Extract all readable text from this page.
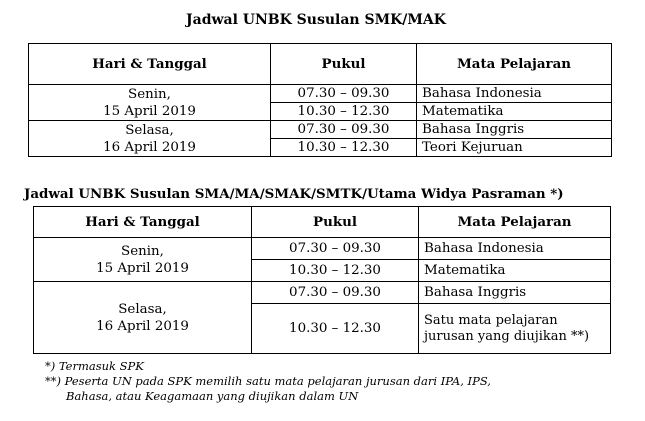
Jadwal UNBK Susulan SMK/MAK
Hari & Tanggal	Pukul	Mata Pelajaran

Senin,
15 April 2019	07.30 – 09.30	Bahasa Indonesia
	10.30 – 12.30	Matematika

Selasa,
16 April 2019	07.30 – 09.30	Bahasa Inggris
	10.30 – 12.30	Teori Kejuruan
Jadwal UNBK Susulan SMA/MA/SMAK/SMTK/Utama Widya Pasraman *)
Hari & Tanggal	Pukul	Mata Pelajaran

Senin,
15 April 2019	07.30 – 09.30	Bahasa Indonesia
	10.30 – 12.30	Matematika

Selasa,
16 April 2019	07.30 – 09.30	Bahasa Inggris
	10.30 – 12.30	Satu mata pelajaran jurusan yang diujikan **)
*) Termasuk SPK
**) Peserta UN pada SPK memilih satu mata pelajaran jurusan dari IPA, IPS,
Bahasa, atau Keagamaan yang diujikan dalam UN
